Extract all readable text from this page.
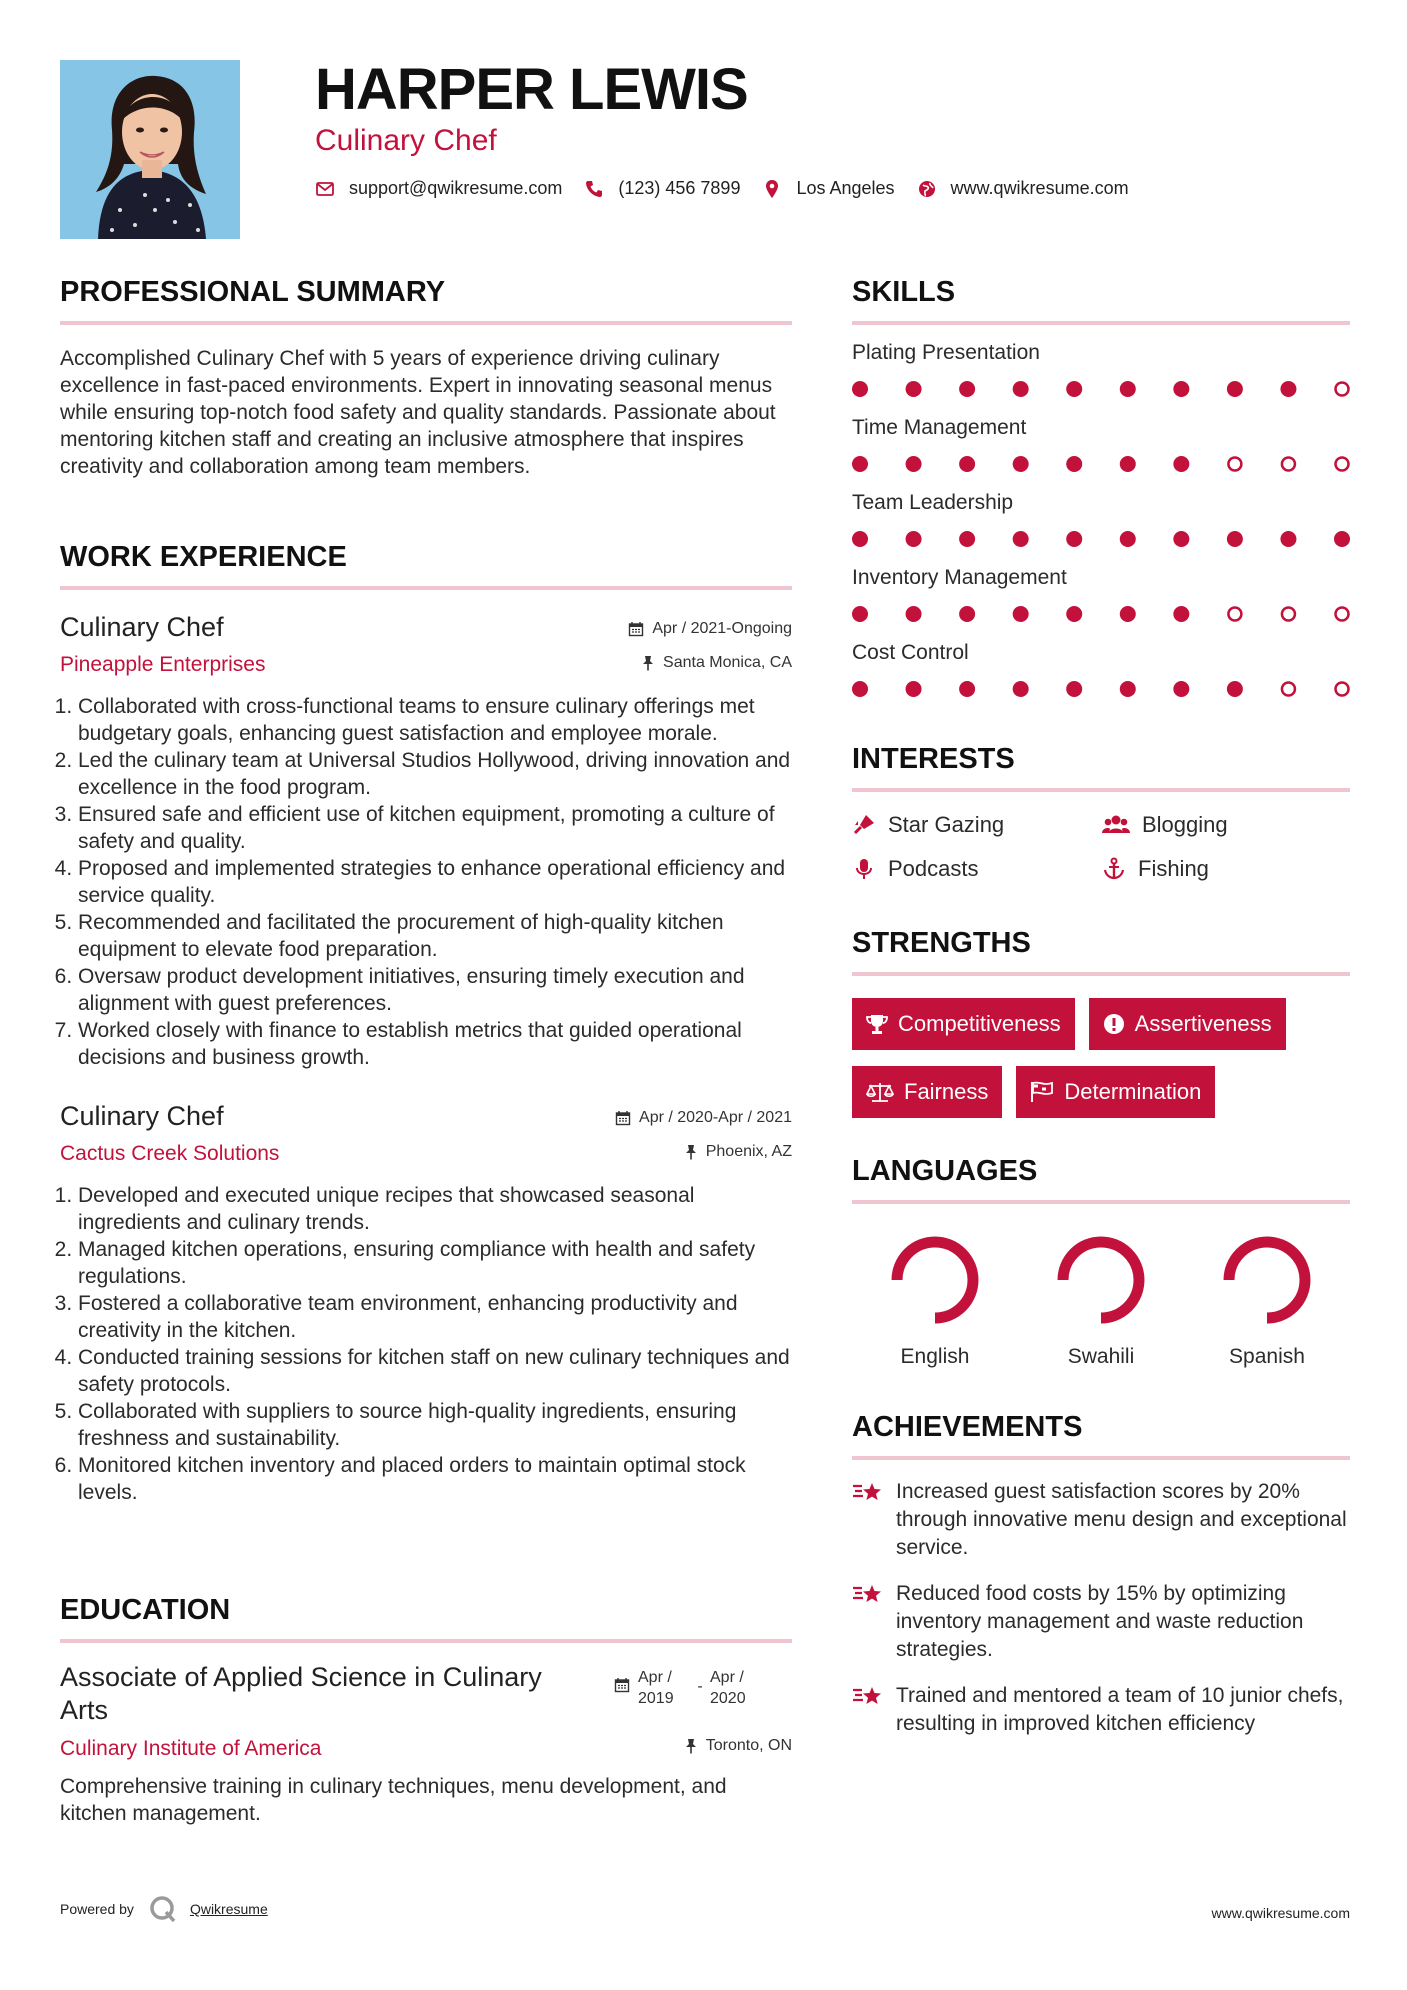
HARPER LEWIS
Culinary Chef
support@qwikresume.com	(123) 456 7899	Los Angeles	www.qwikresume.com
PROFESSIONAL SUMMARY

Accomplished Culinary Chef with 5 years of experience driving culinary excellence in fast-paced environments. Expert in innovating seasonal menus while ensuring top-notch food safety and quality standards. Passionate about mentoring kitchen staff and creating an inclusive atmosphere that inspires creativity and collaboration among team members.

WORK EXPERIENCE
Culinary Chef
Pineapple Enterprises
Apr / 2021-Ongoing
Santa Monica, CA
1. Collaborated with cross-functional teams to ensure culinary offerings met budgetary goals, enhancing guest satisfaction and employee morale.
2. Led the culinary team at Universal Studios Hollywood, driving innovation and excellence in the food program.
3. Ensured safe and efficient use of kitchen equipment, promoting a culture of safety and quality.
4. Proposed and implemented strategies to enhance operational efficiency and service quality.
5. Recommended and facilitated the procurement of high-quality kitchen equipment to elevate food preparation.
6. Oversaw product development initiatives, ensuring timely execution and alignment with guest preferences.
7. Worked closely with finance to establish metrics that guided operational decisions and business growth.
Culinary Chef
Cactus Creek Solutions
Apr / 2020-Apr / 2021
Phoenix, AZ
1. Developed and executed unique recipes that showcased seasonal ingredients and culinary trends.
2. Managed kitchen operations, ensuring compliance with health and safety regulations.
3. Fostered a collaborative team environment, enhancing productivity and creativity in the kitchen.
4. Conducted training sessions for kitchen staff on new culinary techniques and safety protocols.
5. Collaborated with suppliers to source high-quality ingredients, ensuring freshness and sustainability.
6. Monitored kitchen inventory and placed orders to maintain optimal stock levels.
EDUCATION
Associate of Applied Science in Culinary Arts
Culinary Institute of America
Apr / 2019
-
Apr / 2020
Toronto, ON

Comprehensive training in culinary techniques, menu development, and kitchen management.

SKILLS
Plating Presentation
Time Management
Team Leadership
Inventory Management
Cost Control
INTERESTS
Star Gazing	Blogging
Podcasts	Fishing
STRENGTHS
Competitiveness	Assertiveness
Fairness	Determination
LANGUAGES
English	Swahili	Spanish
ACHIEVEMENTS
Increased guest satisfaction scores by 20% through innovative menu design and exceptional service.
Reduced food costs by 15% by optimizing inventory management and waste reduction strategies.
Trained and mentored a team of 10 junior chefs, resulting in improved kitchen efficiency
Powered by	Qwikresume	www.qwikresume.com
